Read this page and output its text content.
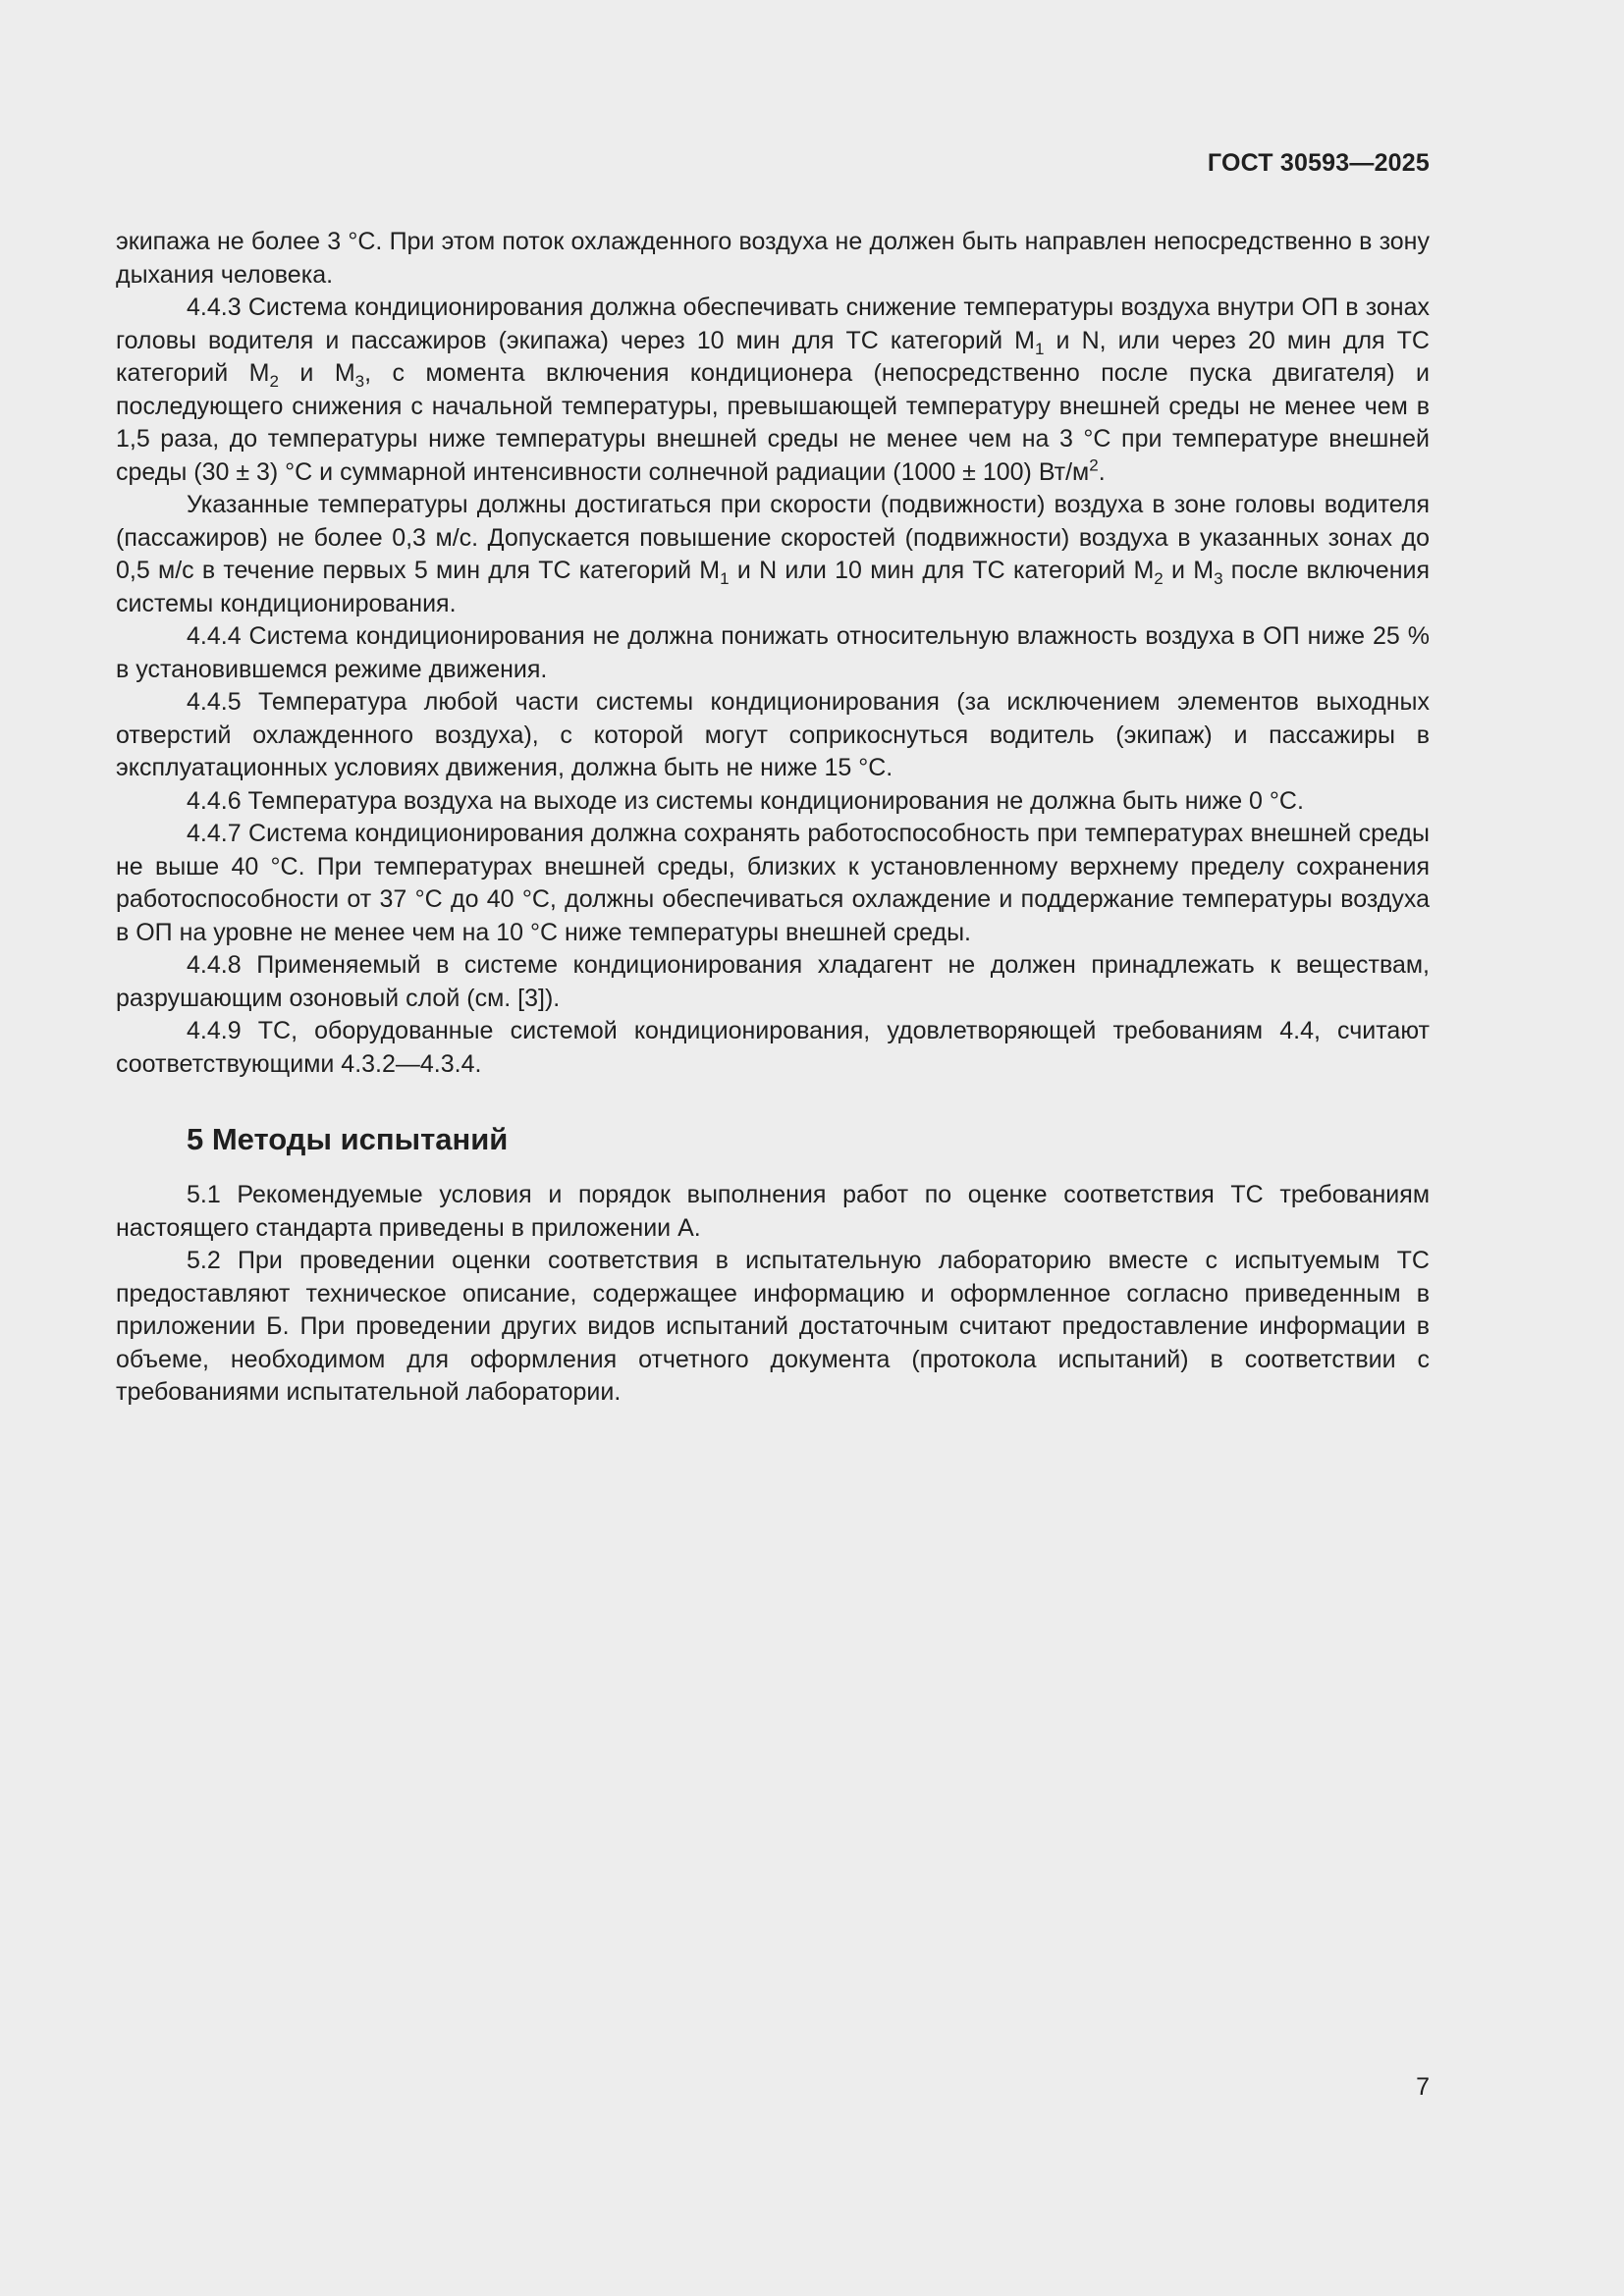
ГОСТ 30593—2025

экипажа не более 3 °C. При этом поток охлажденного воздуха не должен быть направлен непосредственно в зону дыхания человека.

4.4.3 Система кондиционирования должна обеспечивать снижение температуры воздуха внутри ОП в зонах головы водителя и пассажиров (экипажа) через 10 мин для ТС категорий $М_1$ и N, или через 20 мин для ТС категорий $М_2$ и $М_3$, с момента включения кондиционера (непосредственно после пуска двигателя) и последующего снижения с начальной температуры, превышающей температуру внешней среды не менее чем в 1,5 раза, до температуры ниже температуры внешней среды не менее чем на 3 °C при температуре внешней среды (30 ± 3) °C и суммарной интенсивности солнечной радиации (1000 ± 100) $Вт/м^2$.

Указанные температуры должны достигаться при скорости (подвижности) воздуха в зоне головы водителя (пассажиров) не более 0,3 м/с. Допускается повышение скоростей (подвижности) воздуха в указанных зонах до 0,5 м/с в течение первых 5 мин для ТС категорий $М_1$ и N или 10 мин для ТС категорий $М_2$ и $М_3$ после включения системы кондиционирования.

4.4.4 Система кондиционирования не должна понижать относительную влажность воздуха в ОП ниже 25 % в установившемся режиме движения.

4.4.5 Температура любой части системы кондиционирования (за исключением элементов выходных отверстий охлажденного воздуха), с которой могут соприкоснуться водитель (экипаж) и пассажиры в эксплуатационных условиях движения, должна быть не ниже 15 °C.

4.4.6 Температура воздуха на выходе из системы кондиционирования не должна быть ниже 0 °C.

4.4.7 Система кондиционирования должна сохранять работоспособность при температурах внешней среды не выше 40 °C. При температурах внешней среды, близких к установленному верхнему пределу сохранения работоспособности от 37 °C до 40 °C, должны обеспечиваться охлаждение и поддержание температуры воздуха в ОП на уровне не менее чем на 10 °C ниже температуры внешней среды.

4.4.8 Применяемый в системе кондиционирования хладагент не должен принадлежать к веществам, разрушающим озоновый слой (см. [3]).

4.4.9 ТС, оборудованные системой кондиционирования, удовлетворяющей требованиям 4.4, считают соответствующими 4.3.2—4.3.4.

5 Методы испытаний

5.1 Рекомендуемые условия и порядок выполнения работ по оценке соответствия ТС требованиям настоящего стандарта приведены в приложении А.

5.2 При проведении оценки соответствия в испытательную лабораторию вместе с испытуемым ТС предоставляют техническое описание, содержащее информацию и оформленное согласно приведенным в приложении Б. При проведении других видов испытаний достаточным считают предоставление информации в объеме, необходимом для оформления отчетного документа (протокола испытаний) в соответствии с требованиями испытательной лаборатории.

7
